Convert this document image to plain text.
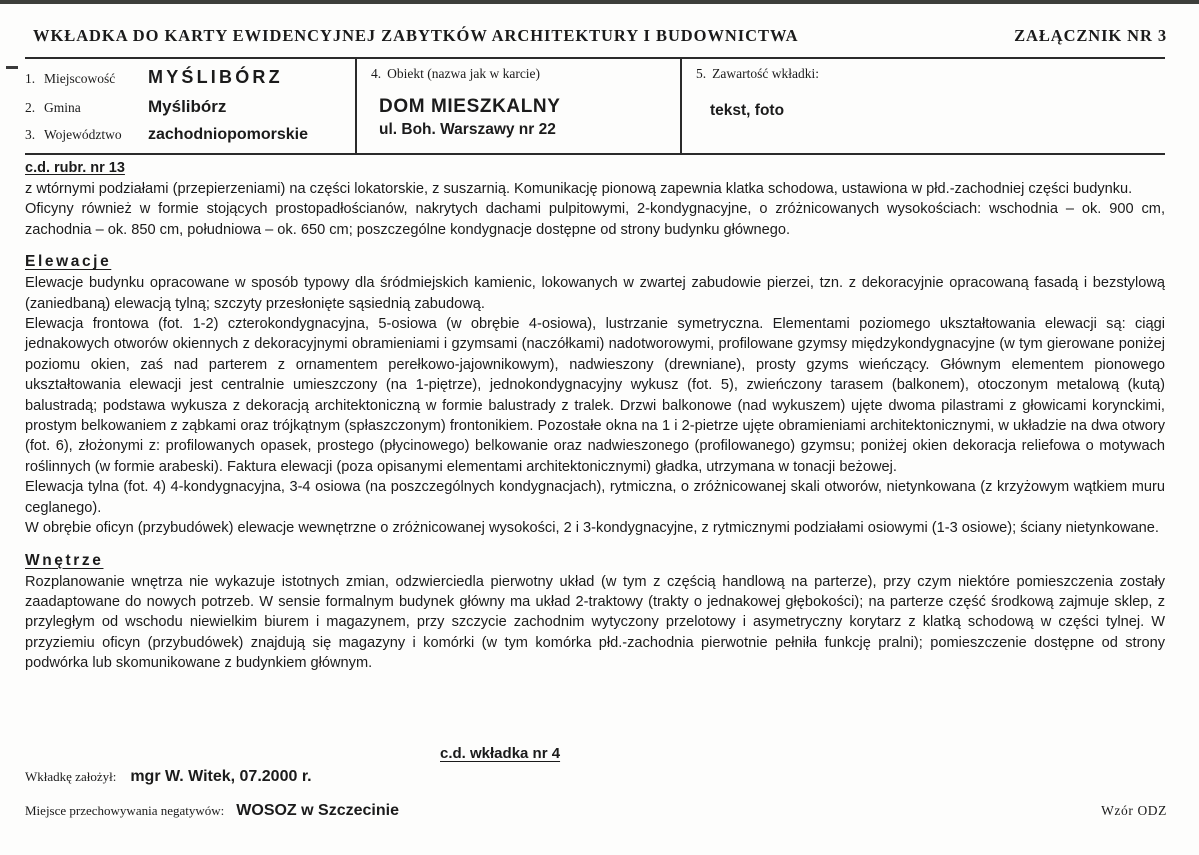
WKŁADKA DO KARTY EWIDENCYJNEJ ZABYTKÓW ARCHITEKTURY I BUDOWNICTWA	ZAŁĄCZNIK NR 3
1. Miejscowość	MYŚLIBÓRZ
2. Gmina	Myślibórz
3. Województwo	zachodniopomorskie
4. Obiekt (nazwa jak w karcie)
DOM MIESZKALNY
ul. Boh. Warszawy nr 22
5. Zawartość wkładki:
tekst, foto
c.d. rubr. nr 13

z wtórnymi podziałami (przepierzeniami) na części lokatorskie, z suszarnią. Komunikację pionową zapewnia klatka schodowa, ustawiona w płd.-zachodniej części budynku.

Oficyny również w formie stojących prostopadłościanów, nakrytych dachami pulpitowymi, 2-kondygnacyjne, o zróżnicowanych wysokościach: wschodnia – ok. 900 cm, zachodnia – ok. 850 cm, południowa – ok. 650 cm; poszczególne kondygnacje dostępne od strony budynku głównego.

Elewacje

Elewacje budynku opracowane w sposób typowy dla śródmiejskich kamienic, lokowanych w zwartej zabudowie pierzei, tzn. z dekoracyjnie opracowaną fasadą i bezstylową (zaniedbaną) elewacją tylną; szczyty przesłonięte sąsiednią zabudową.

Elewacja frontowa (fot. 1-2) czterokondygnacyjna, 5-osiowa (w obrębie 4-osiowa), lustrzanie symetryczna. Elementami poziomego ukształtowania elewacji są: ciągi jednakowych otworów okiennych z dekoracyjnymi obramieniami i gzymsami (naczółkami) nadotworowymi, profilowane gzymsy międzykondygnacyjne (w tym gierowane poniżej poziomu okien, zaś nad parterem z ornamentem perełkowo-jajownikowym), nadwieszony (drewniane), prosty gzyms wieńczący. Głównym elementem pionowego ukształtowania elewacji jest centralnie umieszczony (na 1-piętrze), jednokondygnacyjny wykusz (fot. 5), zwieńczony tarasem (balkonem), otoczonym metalową (kutą) balustradą; podstawa wykusza z dekoracją architektoniczną w formie balustrady z tralek. Drzwi balkonowe (nad wykuszem) ujęte dwoma pilastrami z głowicami korynckimi, prostym belkowaniem z ząbkami oraz trójkątnym (spłaszczonym) frontonikiem. Pozostałe okna na 1 i 2-pietrze ujęte obramieniami architektonicznymi, w układzie na dwa otwory (fot. 6), złożonymi z: profilowanych opasek, prostego (płycinowego) belkowanie oraz nadwieszonego (profilowanego) gzymsu; poniżej okien dekoracja reliefowa o motywach roślinnych (w formie arabeski). Faktura elewacji (poza opisanymi elementami architektonicznymi) gładka, utrzymana w tonacji beżowej.

Elewacja tylna (fot. 4) 4-kondygnacyjna, 3-4 osiowa (na poszczególnych kondygnacjach), rytmiczna, o zróżnicowanej skali otworów, nietynkowana (z krzyżowym wątkiem muru ceglanego).

W obrębie oficyn (przybudówek) elewacje wewnętrzne o zróżnicowanej wysokości, 2 i 3-kondygnacyjne, z rytmicznymi podziałami osiowymi (1-3 osiowe); ściany nietynkowane.

Wnętrze

Rozplanowanie wnętrza nie wykazuje istotnych zmian, odzwierciedla pierwotny układ (w tym z częścią handlową na parterze), przy czym niektóre pomieszczenia zostały zaadaptowane do nowych potrzeb. W sensie formalnym budynek główny ma układ 2-traktowy (trakty o jednakowej głębokości); na parterze część środkową zajmuje sklep, z przyległym od wschodu niewielkim biurem i magazynem, przy szczycie zachodnim wytyczony przelotowy i asymetryczny korytarz z klatką schodową w części tylnej. W przyziemiu oficyn (przybudówek) znajdują się magazyny i komórki (w tym komórka płd.-zachodnia pierwotnie pełniła funkcję pralni); pomieszczenie dostępne od strony podwórka lub skomunikowane z budynkiem głównym.

c.d. wkładka nr 4
Wkładkę założył: mgr W. Witek, 07.2000 r.
Miejsce przechowywania negatywów: WOSOZ w Szczecinie	Wzór ODZ
